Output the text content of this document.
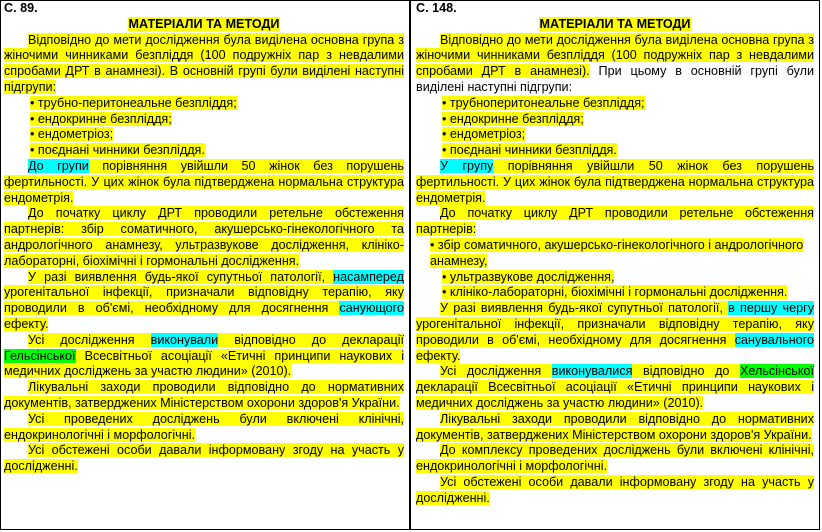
С. 89.

МАТЕРІАЛИ ТА МЕТОДИ

Відповідно до мети дослідження була виділена основна група з жіночими чинниками безпліддя (100 подружніх пар з невдалими спробами ДРТ в анамнезі). В основній групі були виділені наступні підгрупи:

• трубно-перитонеальне безпліддя;

• ендокринне безпліддя;

• ендометріоз;

• поєднані чинники безпліддя.

До групи порівняння увійшли 50 жінок без порушень фертильності. У цих жінок була підтверджена нормальна структура ендометрія.

До початку циклу ДРТ проводили ретельне обстеження партнерів: збір соматичного, акушерсько-гінекологічного та андрологічного анамнезу, ультразвукове дослідження, клініко-лабораторні, біохімічні і гормональні дослідження.

У разі виявлення будь-якої супутньої патології, насамперед урогенітальної інфекції, призначали відповідну терапію, яку проводили в об'ємі, необхідному для досягнення санующого ефекту.

Усі дослідження виконували відповідно до декларації Гельсінської Всесвітньої асоціації «Етичні принципи наукових і медичних досліджень за участю людини» (2010).

Лікувальні заходи проводили відповідно до нормативних документів, затверджених Міністерством охорони здоров'я України.

Усі проведених досліджень були включені клінічні, ендокринологічні і морфологічні.

Усі обстежені особи давали інформовану згоду на участь у дослідженні.

С. 148.

МАТЕРІАЛИ ТА МЕТОДИ

Відповідно до мети дослідження була виділена основна група з жіночими чинниками безпліддя (100 подружніх пар з невдалими спробами ДРТ в анамнезі). При цьому в основній групі були виділені наступні підгрупи:

• трубноперитонеальне безпліддя;

• ендокринне безпліддя;

• ендометріоз;

• поєднані чинники безпліддя.

У групу порівняння увійшли 50 жінок без порушень фертильності. У цих жінок була підтверджена нормальна структура ендометрія.

До початку циклу ДРТ проводили ретельне обстеження партнерів:

• збір соматичного, акушерсько-гінекологічного і андрологічного анамнезу,

• ультразвукове дослідження,

• клініко-лабораторні, біохімічні і гормональні дослідження.

У разі виявлення будь-якої супутньої патології, в першу чергу урогенітальної інфекції, призначали відповідну терапію, яку проводили в об'ємі, необхідному для досягнення санувального ефекту.

Усі дослідження виконувалися відповідно до Хельсінської декларації Всесвітньої асоціації «Етичні принципи наукових і медичних досліджень за участю людини» (2010).

Лікувальні заходи проводили відповідно до нормативних документів, затверджених Міністерством охорони здоров'я України.

До комплексу проведених досліджень були включені клінічні, ендокринологічні і морфологічні.

Усі обстежені особи давали інформовану згоду на участь у дослідженні.
